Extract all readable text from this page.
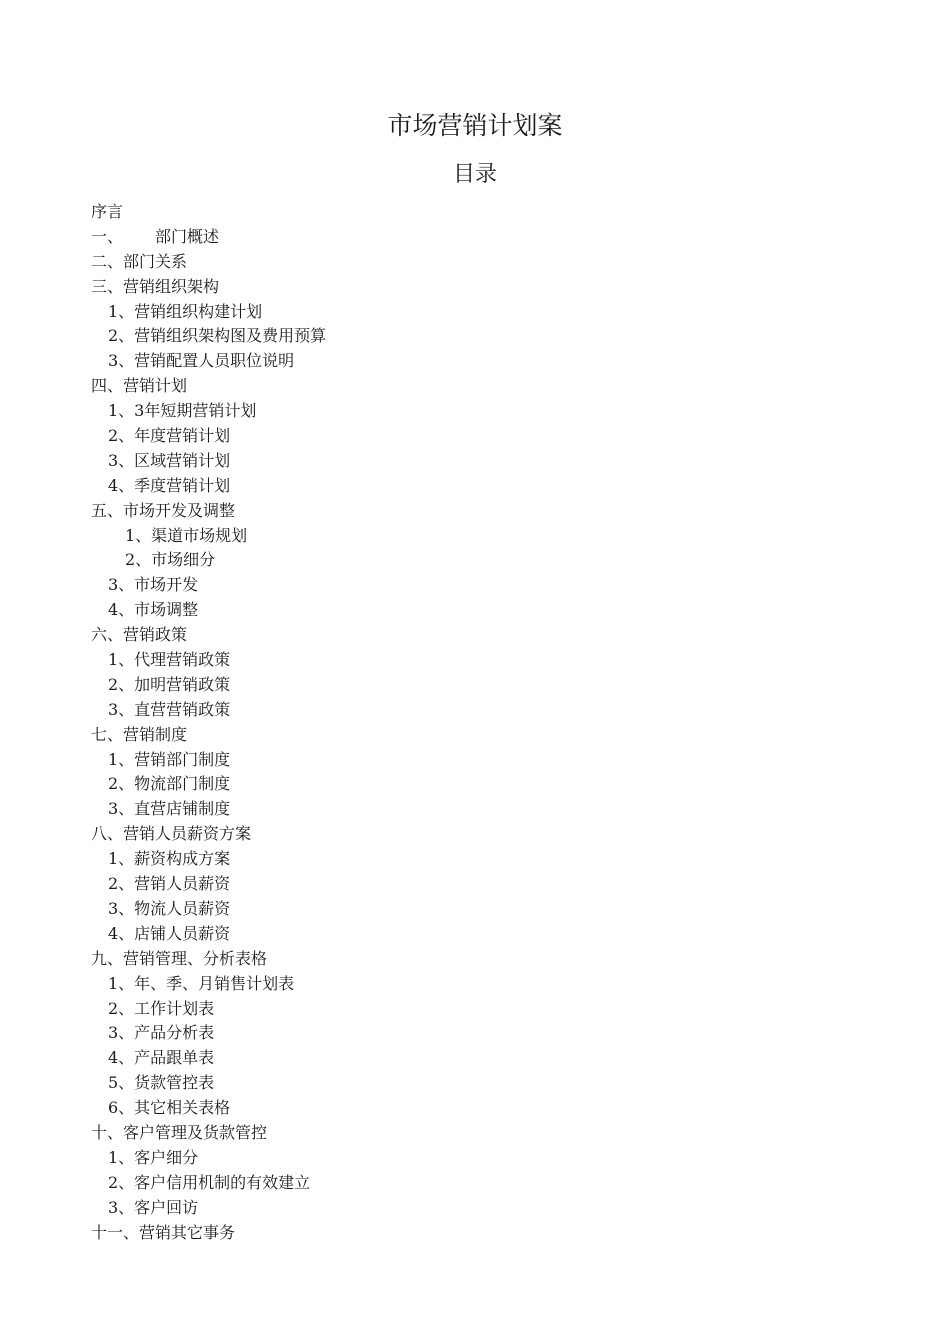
市场营销计划案
目录
序言
一、 部门概述
二、部门关系
三、营销组织架构
1、营销组织构建计划
2、营销组织架构图及费用预算
3、营销配置人员职位说明
四、营销计划
1、3年短期营销计划
2、年度营销计划
3、区域营销计划
4、季度营销计划
五、市场开发及调整
1、渠道市场规划
2、市场细分
3、市场开发
4、市场调整
六、营销政策
1、代理营销政策
2、加明营销政策
3、直营营销政策
七、营销制度
1、营销部门制度
2、物流部门制度
3、直营店铺制度
八、营销人员薪资方案
1、薪资构成方案
2、营销人员薪资
3、物流人员薪资
4、店铺人员薪资
九、营销管理、分析表格
1、年、季、月销售计划表
2、工作计划表
3、产品分析表
4、产品跟单表
5、货款管控表
6、其它相关表格
十、客户管理及货款管控
1、客户细分
2、客户信用机制的有效建立
3、客户回访
十一、营销其它事务
